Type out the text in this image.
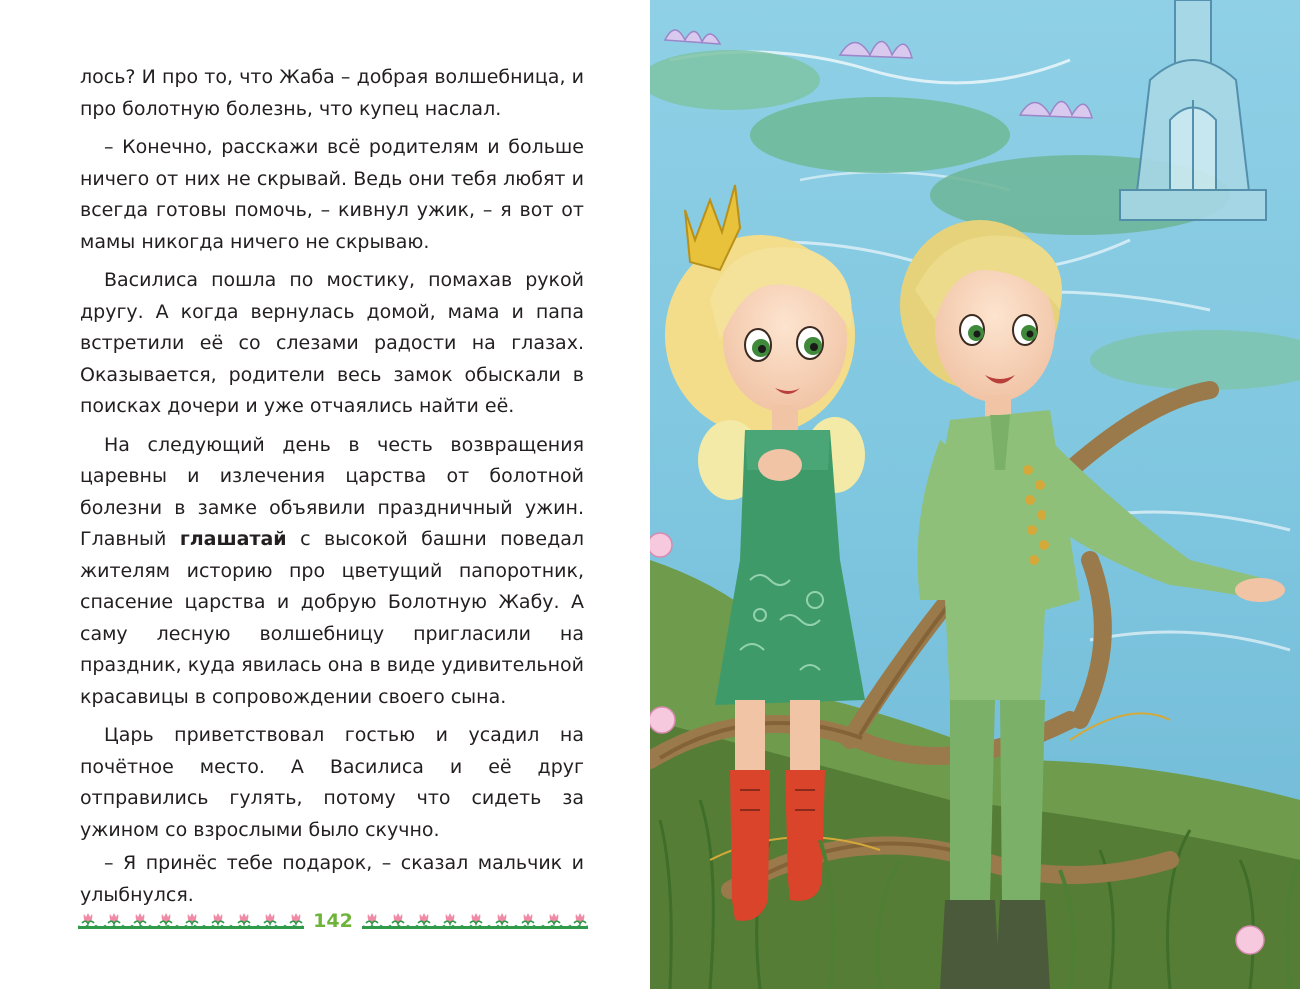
лось? И про то, что Жаба – добрая волшебница, и про болотную болезнь, что купец наслал.

– Конечно, расскажи всё родителям и больше ничего от них не скрывай. Ведь они тебя любят и всегда готовы помочь, – кивнул ужик, – я вот от мамы никогда ничего не скрываю.

Василиса пошла по мостику, помахав рукой другу. А когда вернулась домой, мама и папа встретили её со слезами радости на глазах. Оказывается, родители весь замок обыскали в поисках дочери и уже отчаялись найти её.

На следующий день в честь возвращения царевны и излечения царства от болотной болезни в замке объявили праздничный ужин. Главный глашатай с высокой башни поведал жителям историю про цветущий папоротник, спасение царства и добрую Болотную Жабу. А саму лесную волшебницу пригласили на праздник, куда явилась она в виде удивительной красавицы в сопровождении своего сына.

Царь приветствовал гостью и усадил на почётное место. А Василиса и её друг отправились гулять, потому что сидеть за ужином со взрослыми было скучно.

– Я принёс тебе подарок, – сказал мальчик и улыбнулся.

142
